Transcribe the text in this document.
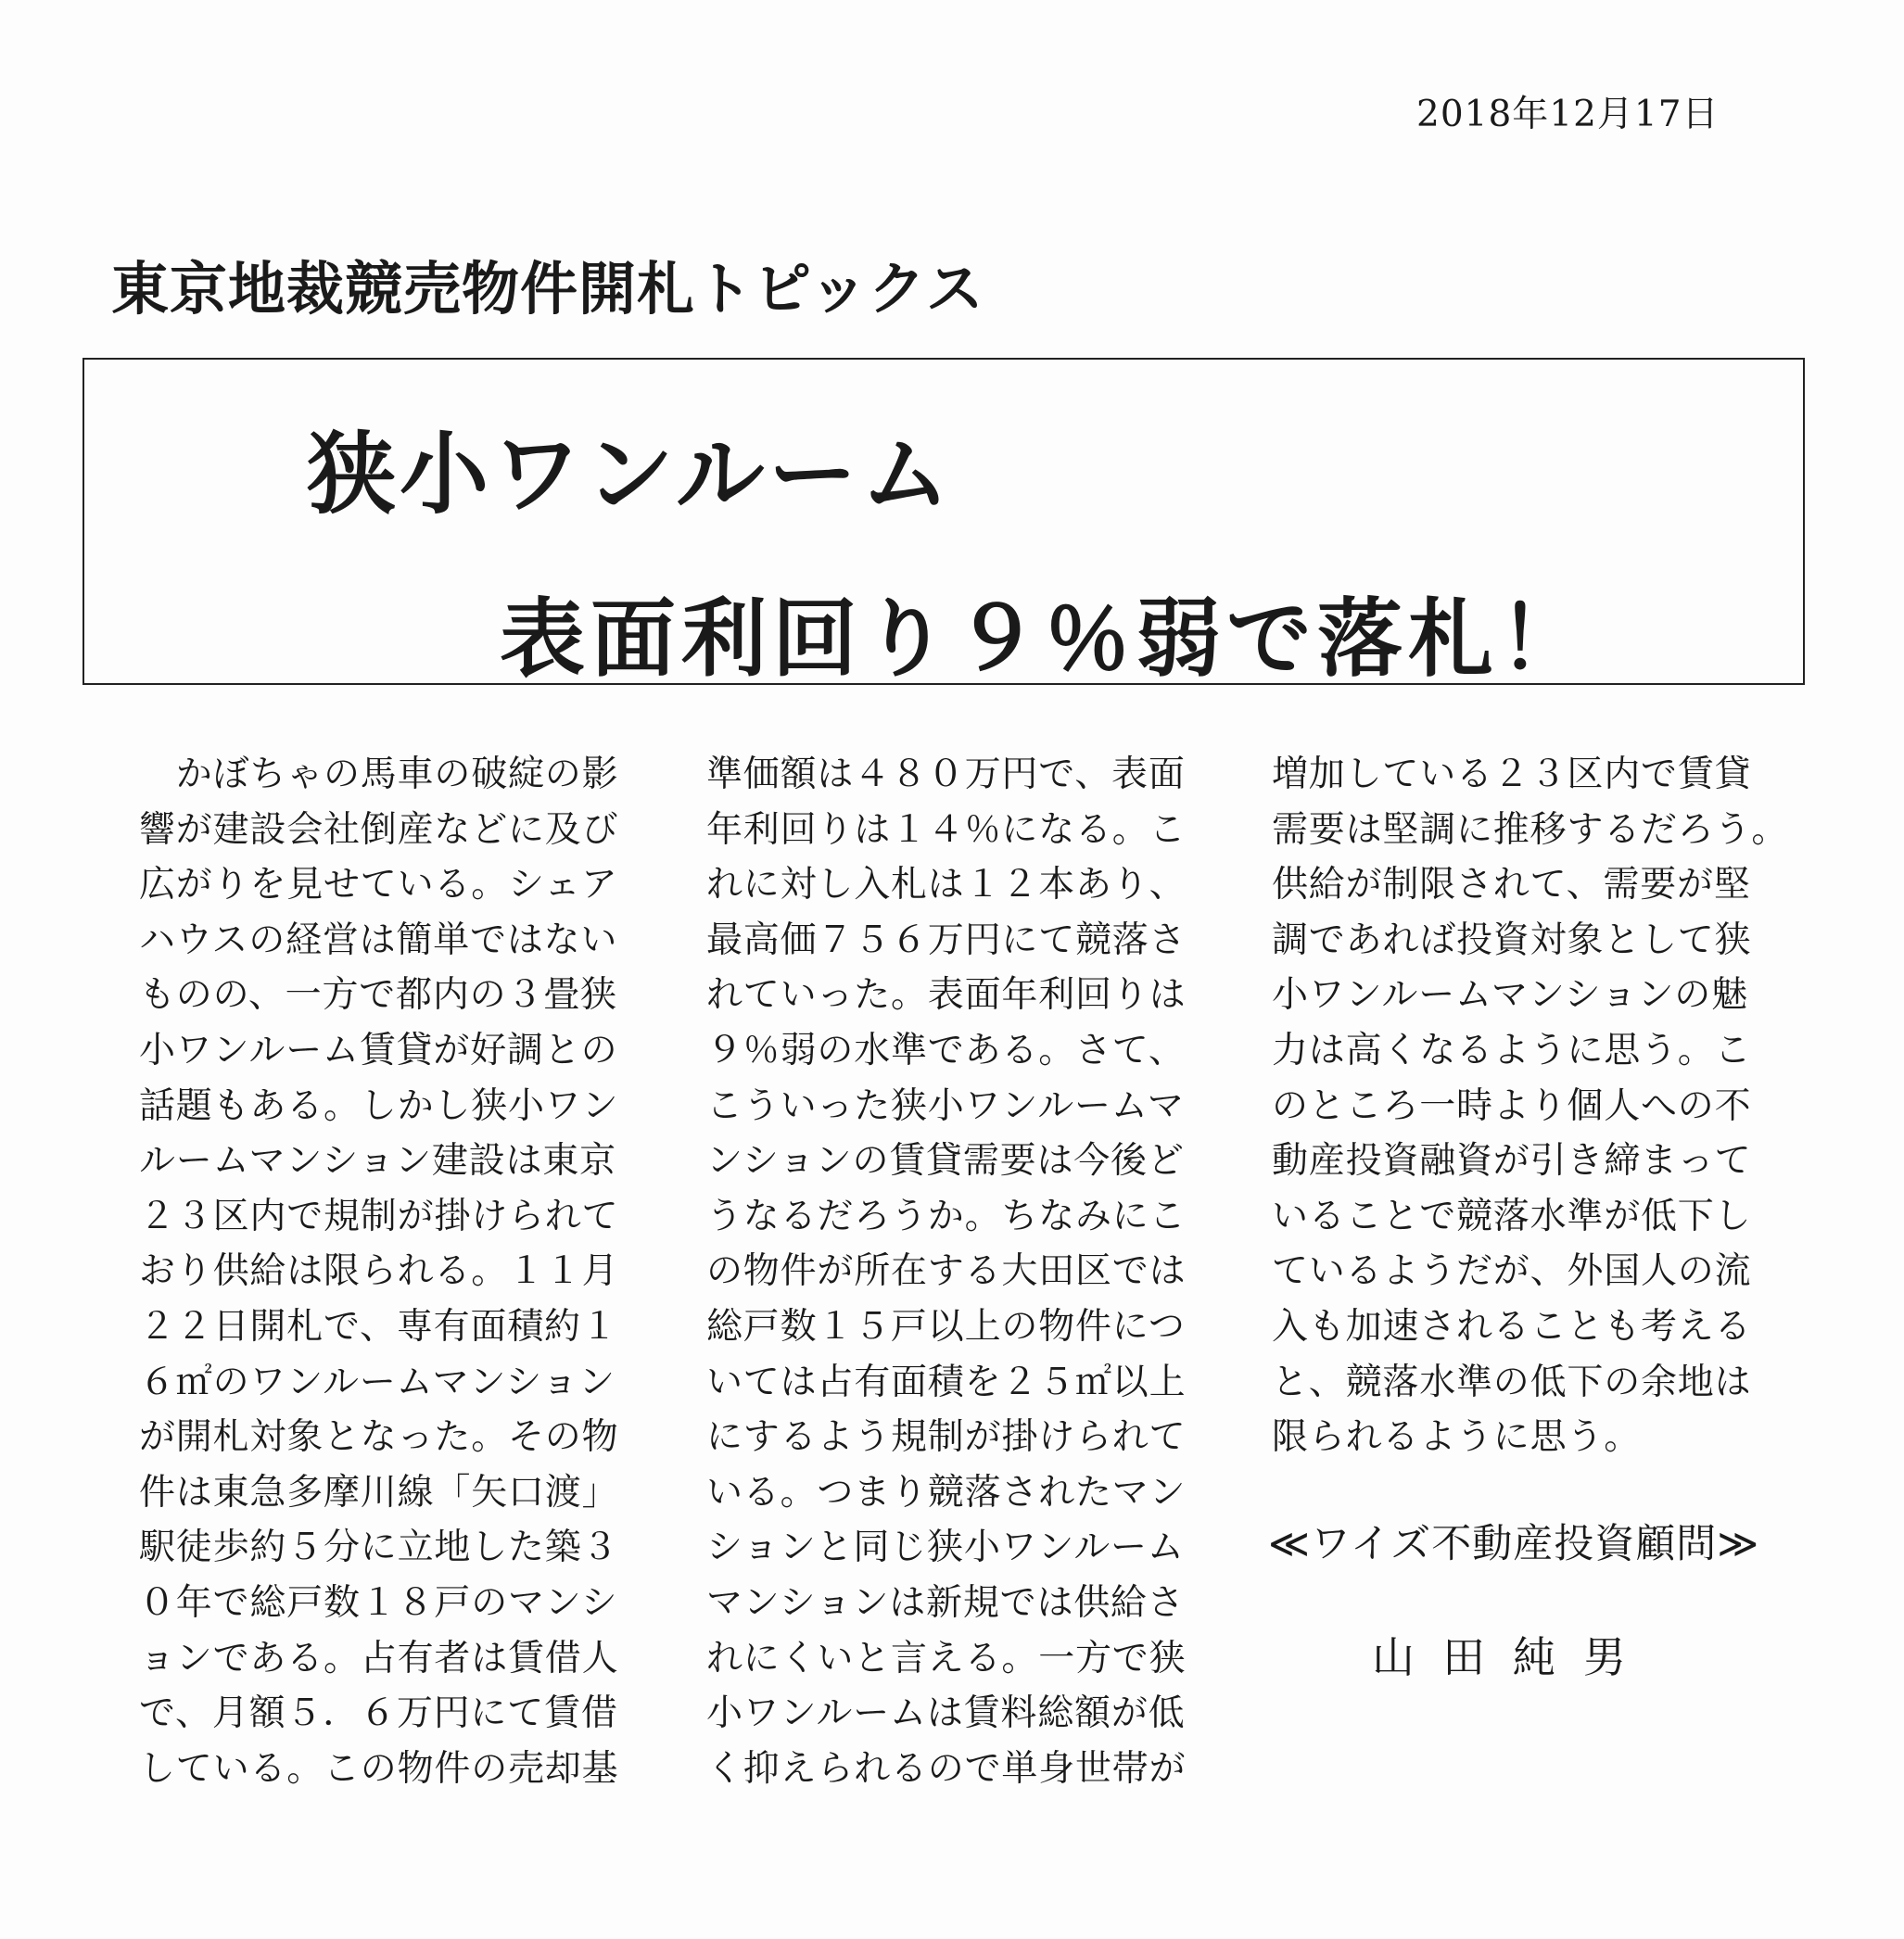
2018年12月17日
東京地裁競売物件開札トピックス
狭小ワンルーム
表面利回り９％弱で落札！
　かぼちゃの馬車の破綻の影
響が建設会社倒産などに及び
広がりを見せている。シェア
ハウスの経営は簡単ではない
ものの、一方で都内の３畳狭
小ワンルーム賃貸が好調との
話題もある。しかし狭小ワン
ルームマンション建設は東京
２３区内で規制が掛けられて
おり供給は限られる。１１月
２２日開札で、専有面積約１
６㎡のワンルームマンション
が開札対象となった。その物
件は東急多摩川線「矢口渡」
駅徒歩約５分に立地した築３
０年で総戸数１８戸のマンシ
ョンである。占有者は賃借人
で、月額５．６万円にて賃借
している。この物件の売却基
準価額は４８０万円で、表面
年利回りは１４％になる。こ
れに対し入札は１２本あり、
最高価７５６万円にて競落さ
れていった。表面年利回りは
９％弱の水準である。さて、
こういった狭小ワンルームマ
ンションの賃貸需要は今後ど
うなるだろうか。ちなみにこ
の物件が所在する大田区では
総戸数１５戸以上の物件につ
いては占有面積を２５㎡以上
にするよう規制が掛けられて
いる。つまり競落されたマン
ションと同じ狭小ワンルーム
マンションは新規では供給さ
れにくいと言える。一方で狭
小ワンルームは賃料総額が低
く抑えられるので単身世帯が
増加している２３区内で賃貸
需要は堅調に推移するだろう。
供給が制限されて、需要が堅
調であれば投資対象として狭
小ワンルームマンションの魅
力は高くなるように思う。こ
のところ一時より個人への不
動産投資融資が引き締まって
いることで競落水準が低下し
ているようだが、外国人の流
入も加速されることも考える
と、競落水準の低下の余地は
限られるように思う。
≪ワイズ不動産投資顧問≫
山田純男
